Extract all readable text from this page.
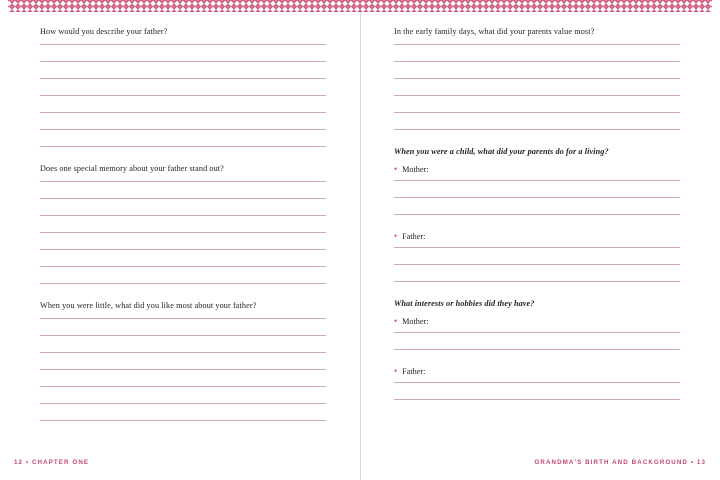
How would you describe your father?

Does one special memory about your father stand out?

When you were little, what did you like most about your father?

12 • CHAPTER ONE

In the early family days, what did your parents value most?

When you were a child, what did your parents do for a living?

• Mother:
• Father:

What interests or hobbies did they have?

• Mother:
• Father:
GRANDMA'S BIRTH AND BACKGROUND • 13
